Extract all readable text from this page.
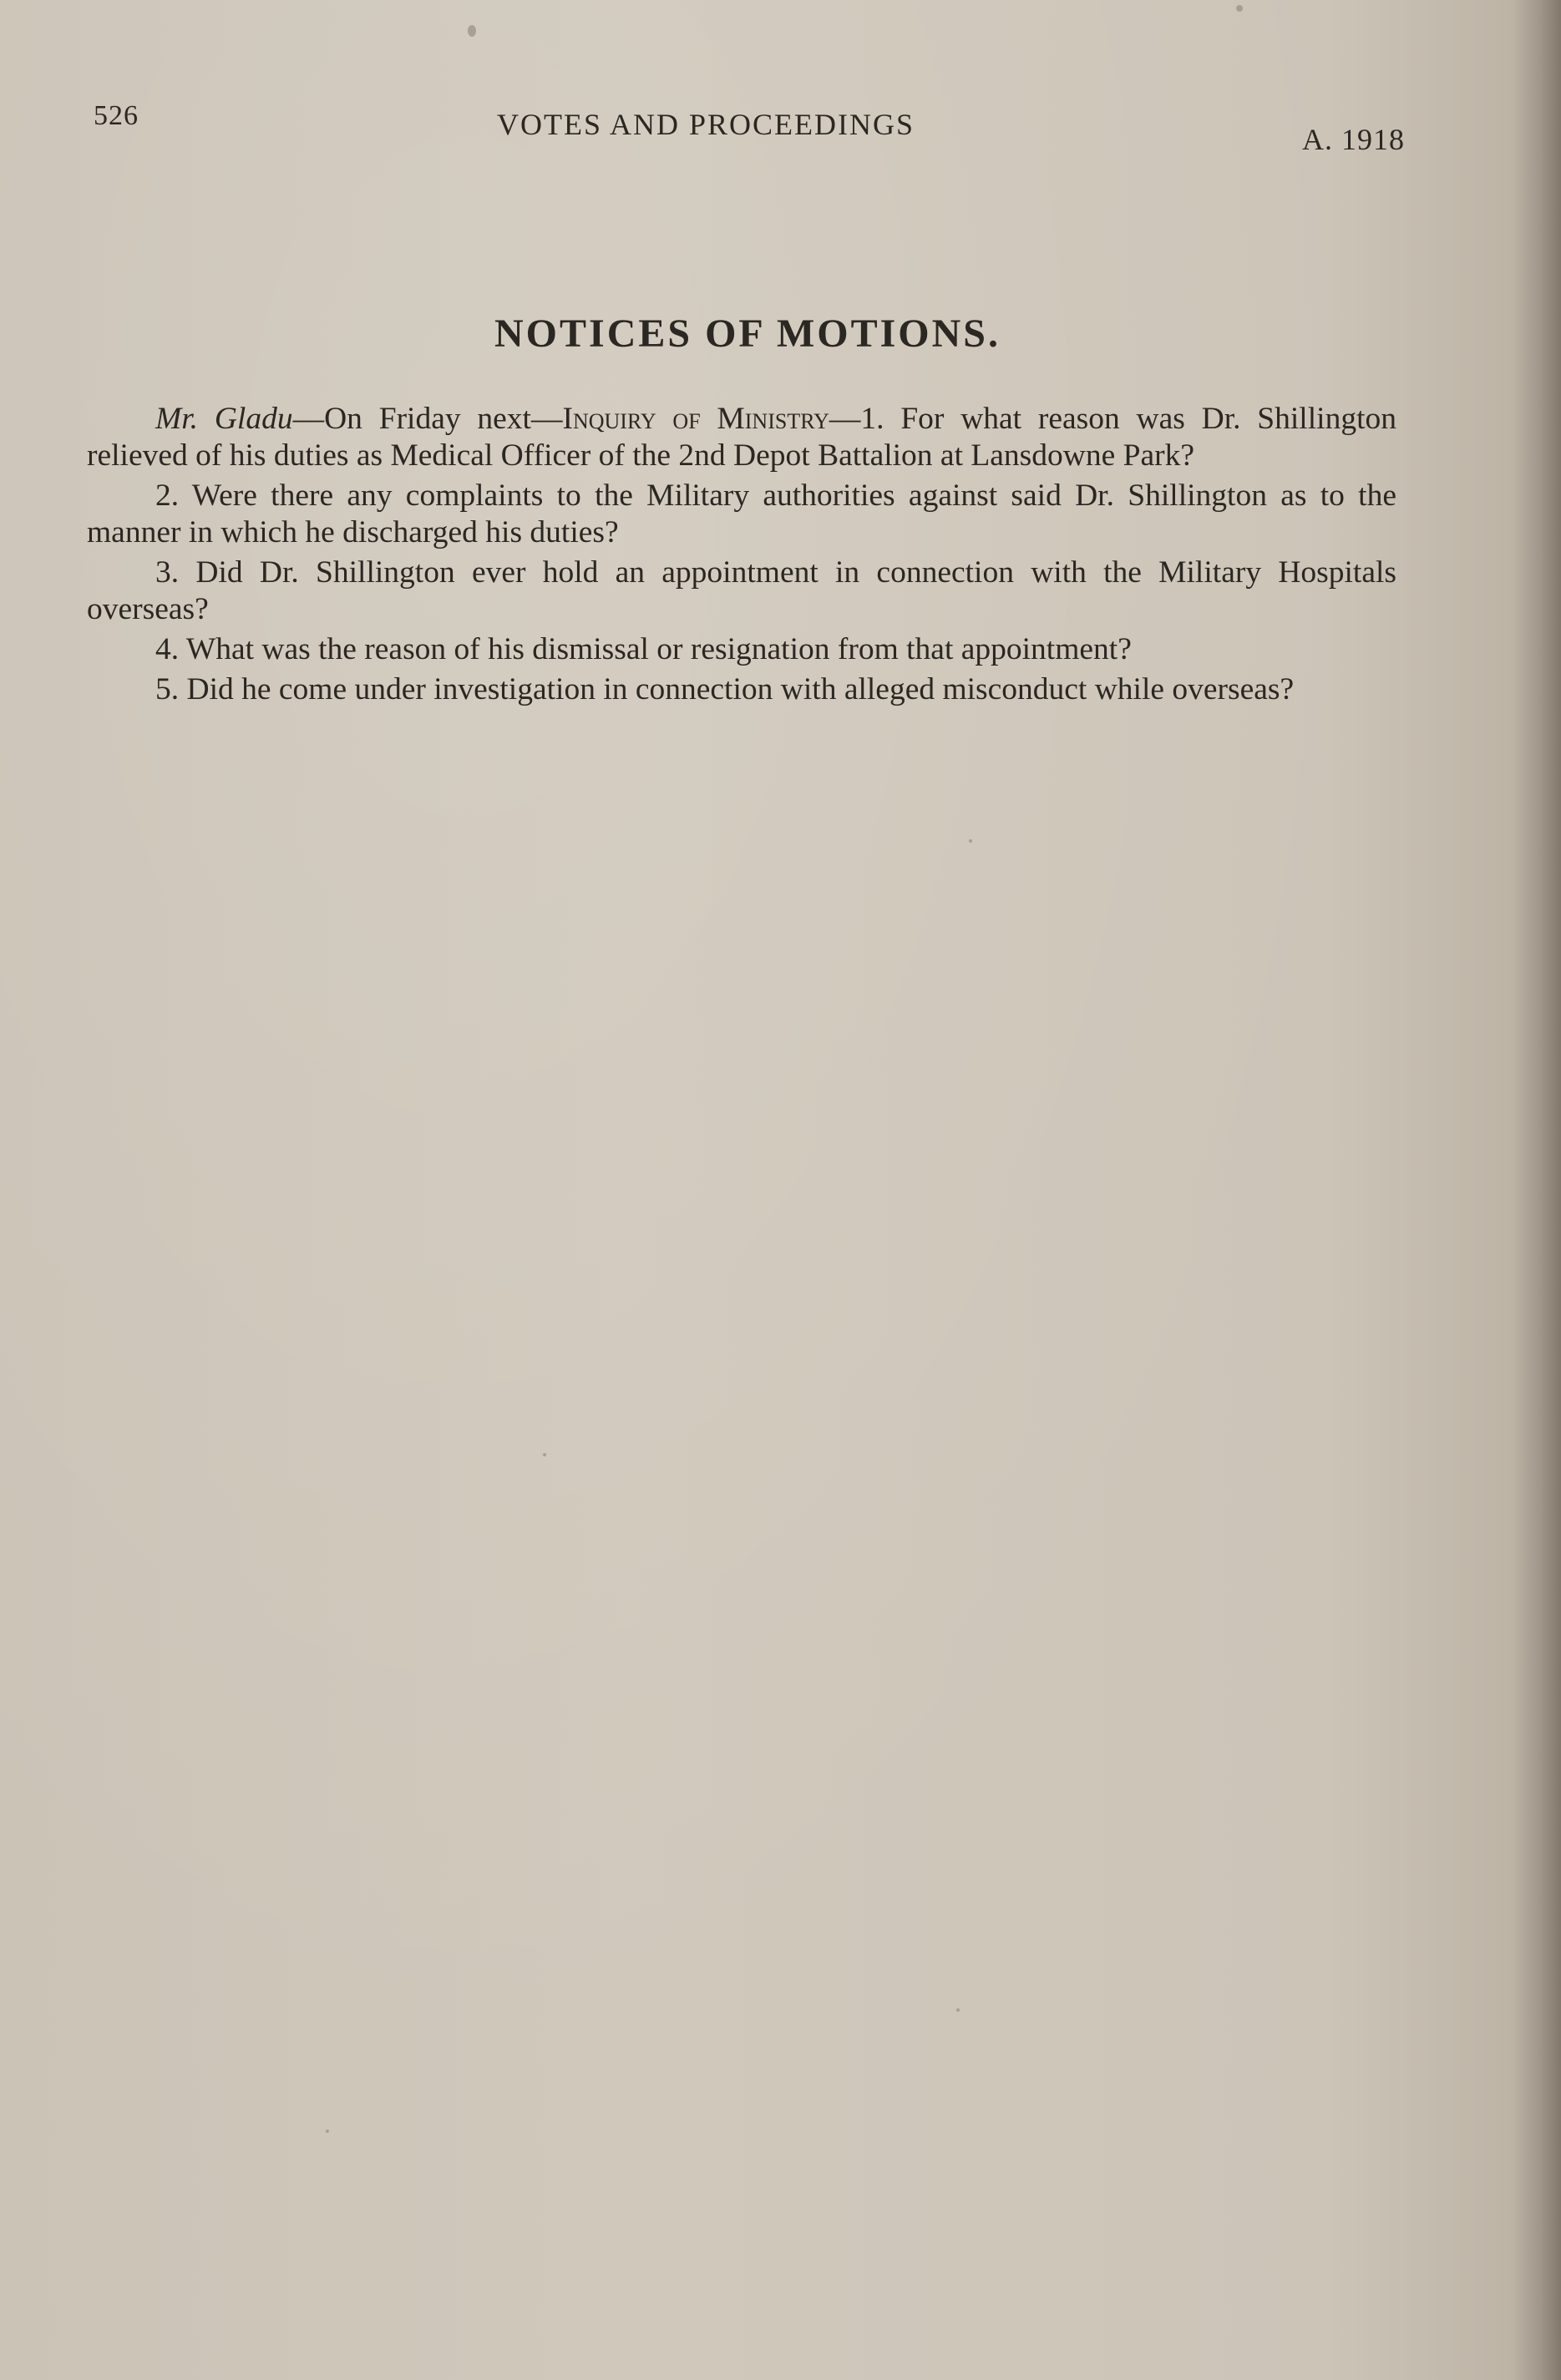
526	VOTES AND PROCEEDINGS	A. 1918
NOTICES OF MOTIONS.

Mr. Gladu—On Friday next—Inquiry of Ministry—1. For what reason was Dr. Shillington relieved of his duties as Medical Officer of the 2nd Depot Battalion at Lansdowne Park?

2. Were there any complaints to the Military authorities against said Dr. Shillington as to the manner in which he discharged his duties?

3. Did Dr. Shillington ever hold an appointment in connection with the Military Hospitals overseas?

4. What was the reason of his dismissal or resignation from that appointment?

5. Did he come under investigation in connection with alleged misconduct while overseas?
